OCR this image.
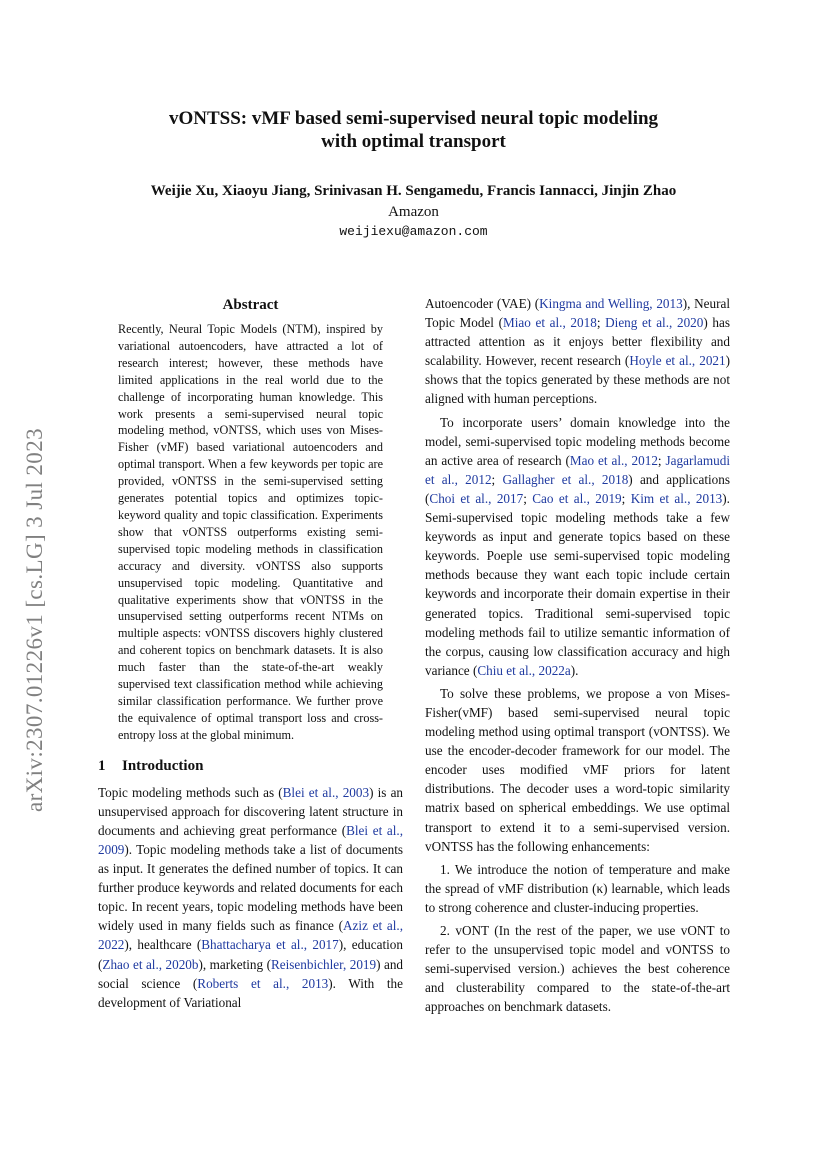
arXiv:2307.01226v1 [cs.LG] 3 Jul 2023
vONTSS: vMF based semi-supervised neural topic modeling
with optimal transport
Weijie Xu, Xiaoyu Jiang, Srinivasan H. Sengamedu, Francis Iannacci, Jinjin Zhao
Amazon
weijiexu@amazon.com
Abstract

Recently, Neural Topic Models (NTM), inspired by variational autoencoders, have attracted a lot of research interest; however, these methods have limited applications in the real world due to the challenge of incorporating human knowledge. This work presents a semi-supervised neural topic modeling method, vONTSS, which uses von Mises-Fisher (vMF) based variational autoencoders and optimal transport. When a few keywords per topic are provided, vONTSS in the semi-supervised setting generates potential topics and optimizes topic-keyword quality and topic classification. Experiments show that vONTSS outperforms existing semi-supervised topic modeling methods in classification accuracy and diversity. vONTSS also supports unsupervised topic modeling. Quantitative and qualitative experiments show that vONTSS in the unsupervised setting outperforms recent NTMs on multiple aspects: vONTSS discovers highly clustered and coherent topics on benchmark datasets. It is also much faster than the state-of-the-art weakly supervised text classification method while achieving similar classification performance. We further prove the equivalence of optimal transport loss and cross-entropy loss at the global minimum.

1 Introduction

Topic modeling methods such as (Blei et al., 2003) is an unsupervised approach for discovering latent structure in documents and achieving great performance (Blei et al., 2009). Topic modeling methods take a list of documents as input. It generates the defined number of topics. It can further produce keywords and related documents for each topic. In recent years, topic modeling methods have been widely used in many fields such as finance (Aziz et al., 2022), healthcare (Bhattacharya et al., 2017), education (Zhao et al., 2020b), marketing (Reisenbichler, 2019) and social science (Roberts et al., 2013). With the development of Variational

Autoencoder (VAE) (Kingma and Welling, 2013), Neural Topic Model (Miao et al., 2018; Dieng et al., 2020) has attracted attention as it enjoys better flexibility and scalability. However, recent research (Hoyle et al., 2021) shows that the topics generated by these methods are not aligned with human perceptions.

To incorporate users’ domain knowledge into the model, semi-supervised topic modeling methods become an active area of research (Mao et al., 2012; Jagarlamudi et al., 2012; Gallagher et al., 2018) and applications (Choi et al., 2017; Cao et al., 2019; Kim et al., 2013). Semi-supervised topic modeling methods take a few keywords as input and generate topics based on these keywords. Poeple use semi-supervised topic modeling methods because they want each topic include certain keywords and incorporate their domain expertise in their generated topics. Traditional semi-supervised topic modeling methods fail to utilize semantic information of the corpus, causing low classification accuracy and high variance (Chiu et al., 2022a).

To solve these problems, we propose a von Mises-Fisher(vMF) based semi-supervised neural topic modeling method using optimal transport (vONTSS). We use the encoder-decoder framework for our model. The encoder uses modified vMF priors for latent distributions. The decoder uses a word-topic similarity matrix based on spherical embeddings. We use optimal transport to extend it to a semi-supervised version. vONTSS has the following enhancements:

1. We introduce the notion of temperature and make the spread of vMF distribution (κ) learnable, which leads to strong coherence and cluster-inducing properties.

2. vONT (In the rest of the paper, we use vONT to refer to the unsupervised topic model and vONTSS to semi-supervised version.) achieves the best coherence and clusterability compared to the state-of-the-art approaches on benchmark datasets.
